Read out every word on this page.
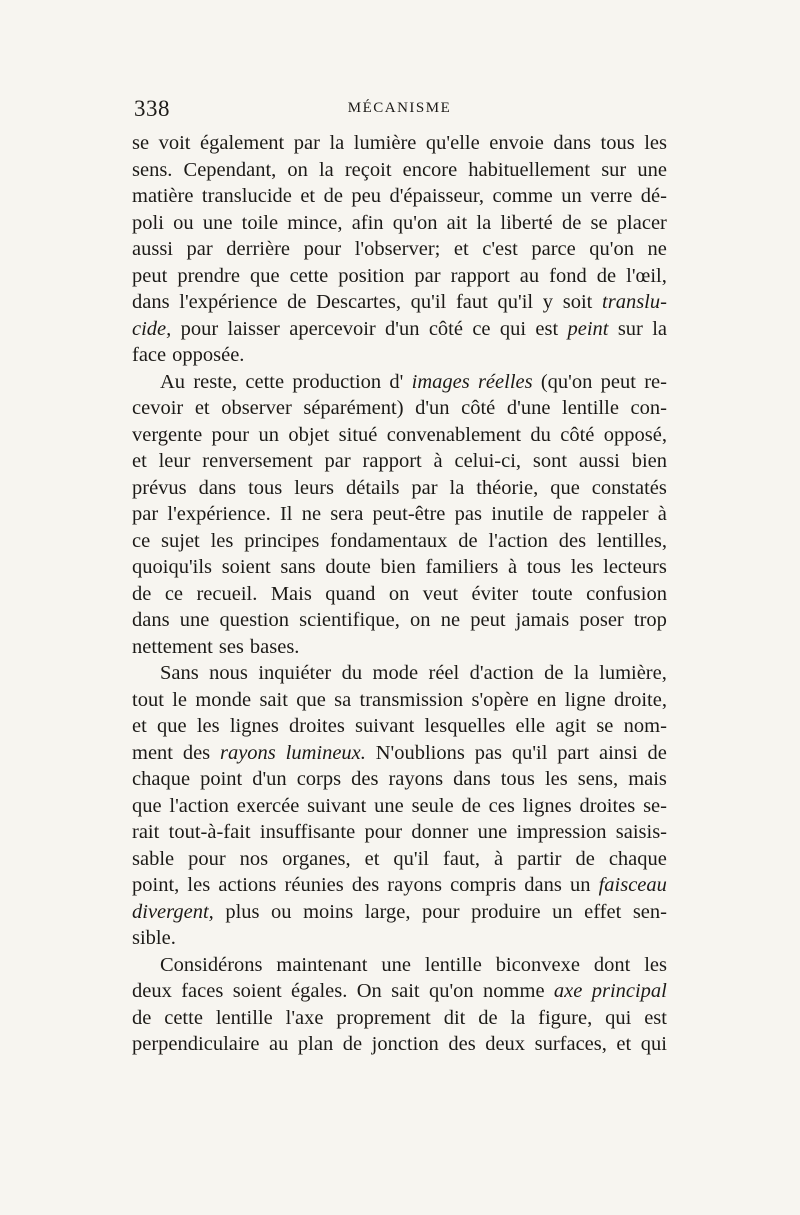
338	MÉCANISME
se voit également par la lumière qu'elle envoie dans tous les
sens. Cependant, on la reçoit encore habituellement sur une
matière translucide et de peu d'épaisseur, comme un verre dé-
poli ou une toile mince, afin qu'on ait la liberté de se placer
aussi par derrière pour l'observer; et c'est parce qu'on ne
peut prendre que cette position par rapport au fond de l'œil,
dans l'expérience de Descartes, qu'il faut qu'il y soit translu-
cide, pour laisser apercevoir d'un côté ce qui est peint sur la
face opposée.
Au reste, cette production d' images réelles (qu'on peut re-
cevoir et observer séparément) d'un côté d'une lentille con-
vergente pour un objet situé convenablement du côté opposé,
et leur renversement par rapport à celui-ci, sont aussi bien
prévus dans tous leurs détails par la théorie, que constatés
par l'expérience. Il ne sera peut-être pas inutile de rappeler à
ce sujet les principes fondamentaux de l'action des lentilles,
quoiqu'ils soient sans doute bien familiers à tous les lecteurs
de ce recueil. Mais quand on veut éviter toute confusion
dans une question scientifique, on ne peut jamais poser trop
nettement ses bases.
Sans nous inquiéter du mode réel d'action de la lumière,
tout le monde sait que sa transmission s'opère en ligne droite,
et que les lignes droites suivant lesquelles elle agit se nom-
ment des rayons lumineux. N'oublions pas qu'il part ainsi de
chaque point d'un corps des rayons dans tous les sens, mais
que l'action exercée suivant une seule de ces lignes droites se-
rait tout-à-fait insuffisante pour donner une impression saisis-
sable pour nos organes, et qu'il faut, à partir de chaque
point, les actions réunies des rayons compris dans un faisceau
divergent, plus ou moins large, pour produire un effet sen-
sible.
Considérons maintenant une lentille biconvexe dont les
deux faces soient égales. On sait qu'on nomme axe principal
de cette lentille l'axe proprement dit de la figure, qui est
perpendiculaire au plan de jonction des deux surfaces, et qui
